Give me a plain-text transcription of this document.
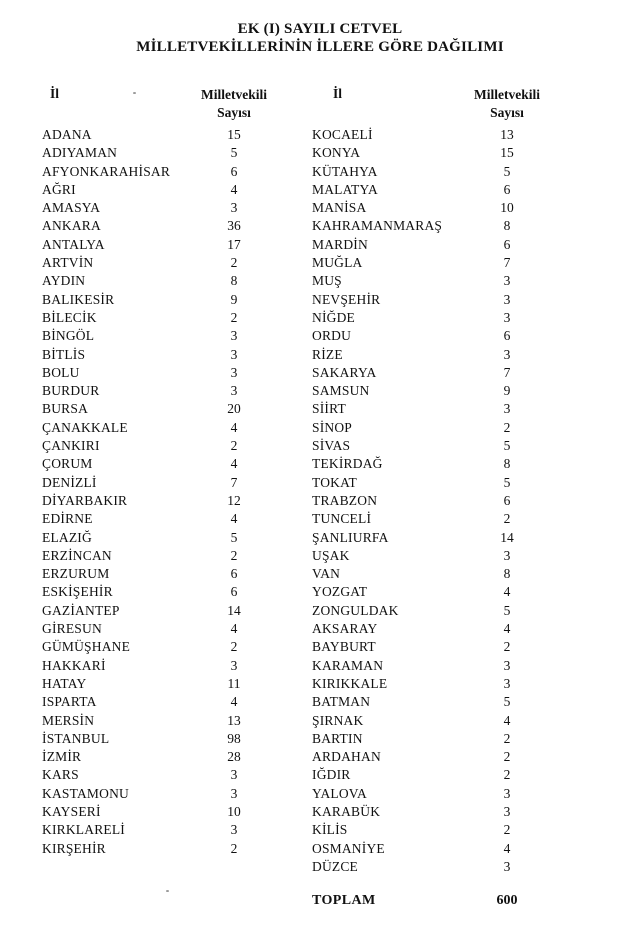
EK (I) SAYILI CETVEL
MİLLETVEKİLLERİNİN İLLERE GÖRE DAĞILIMI
İl	Milletvekili
Sayısı
ADANA	15
ADIYAMAN	5
AFYONKARAHİSAR	6
AĞRI	4
AMASYA	3
ANKARA	36
ANTALYA	17
ARTVİN	2
AYDIN	8
BALIKESİR	9
BİLECİK	2
BİNGÖL	3
BİTLİS	3
BOLU	3
BURDUR	3
BURSA	20
ÇANAKKALE	4
ÇANKIRI	2
ÇORUM	4
DENİZLİ	7
DİYARBAKIR	12
EDİRNE	4
ELAZIĞ	5
ERZİNCAN	2
ERZURUM	6
ESKİŞEHİR	6
GAZİANTEP	14
GİRESUN	4
GÜMÜŞHANE	2
HAKKARİ	3
HATAY	11
ISPARTA	4
MERSİN	13
İSTANBUL	98
İZMİR	28
KARS	3
KASTAMONU	3
KAYSERİ	10
KIRKLARELİ	3
KIRŞEHİR	2
İl	Milletvekili
Sayısı
KOCAELİ	13
KONYA	15
KÜTAHYA	5
MALATYA	6
MANİSA	10
KAHRAMANMARAŞ	8
MARDİN	6
MUĞLA	7
MUŞ	3
NEVŞEHİR	3
NİĞDE	3
ORDU	6
RİZE	3
SAKARYA	7
SAMSUN	9
SİİRT	3
SİNOP	2
SİVAS	5
TEKİRDAĞ	8
TOKAT	5
TRABZON	6
TUNCELİ	2
ŞANLIURFA	14
UŞAK	3
VAN	8
YOZGAT	4
ZONGULDAK	5
AKSARAY	4
BAYBURT	2
KARAMAN	3
KIRIKKALE	3
BATMAN	5
ŞIRNAK	4
BARTIN	2
ARDAHAN	2
IĞDIR	2
YALOVA	3
KARABÜK	3
KİLİS	2
OSMANİYE	4
DÜZCE	3
TOPLAM	600
